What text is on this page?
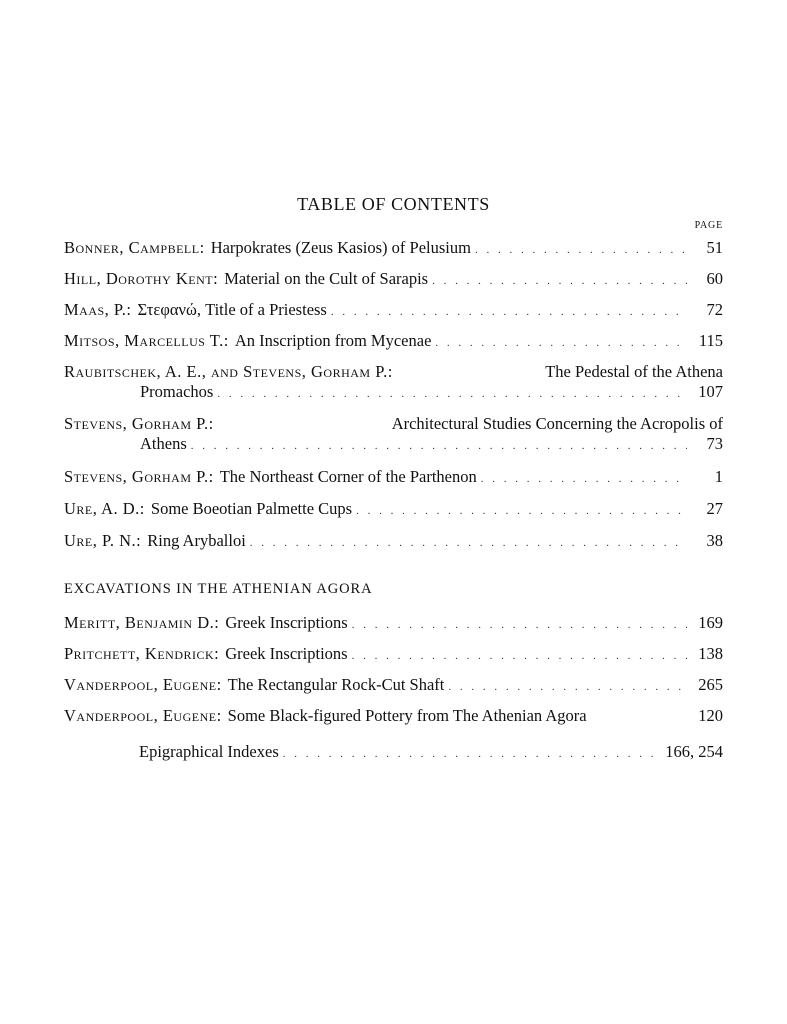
TABLE OF CONTENTS
PAGE
Bonner, Campbell: Harpokrates (Zeus Kasios) of Pelusium . . .	51
Hill, Dorothy Kent: Material on the Cult of Sarapis . . .	60
Maas, P.: Στεφανώ, Title of a Priestess . . .	72
Mitsos, Marcellus T.: An Inscription from Mycenae . . .	115
Raubitschek, A. E., and Stevens, Gorham P.:	The Pedestal of the Athena
Promachos . . .	107
Stevens, Gorham P.:	Architectural Studies Concerning the Acropolis of
Athens . . .	73
Stevens, Gorham P.: The Northeast Corner of the Parthenon . . .	1
Ure, A. D.: Some Boeotian Palmette Cups . . .	27
Ure, P. N.: Ring Aryballoi . . .	38
EXCAVATIONS IN THE ATHENIAN AGORA
Meritt, Benjamin D.: Greek Inscriptions . . .	169
Pritchett, Kendrick: Greek Inscriptions . . .	138
Vanderpool, Eugene: The Rectangular Rock-Cut Shaft . . .	265
Vanderpool, Eugene: Some Black-figured Pottery from The Athenian Agora	120
Epigraphical Indexes . . .	166, 254
